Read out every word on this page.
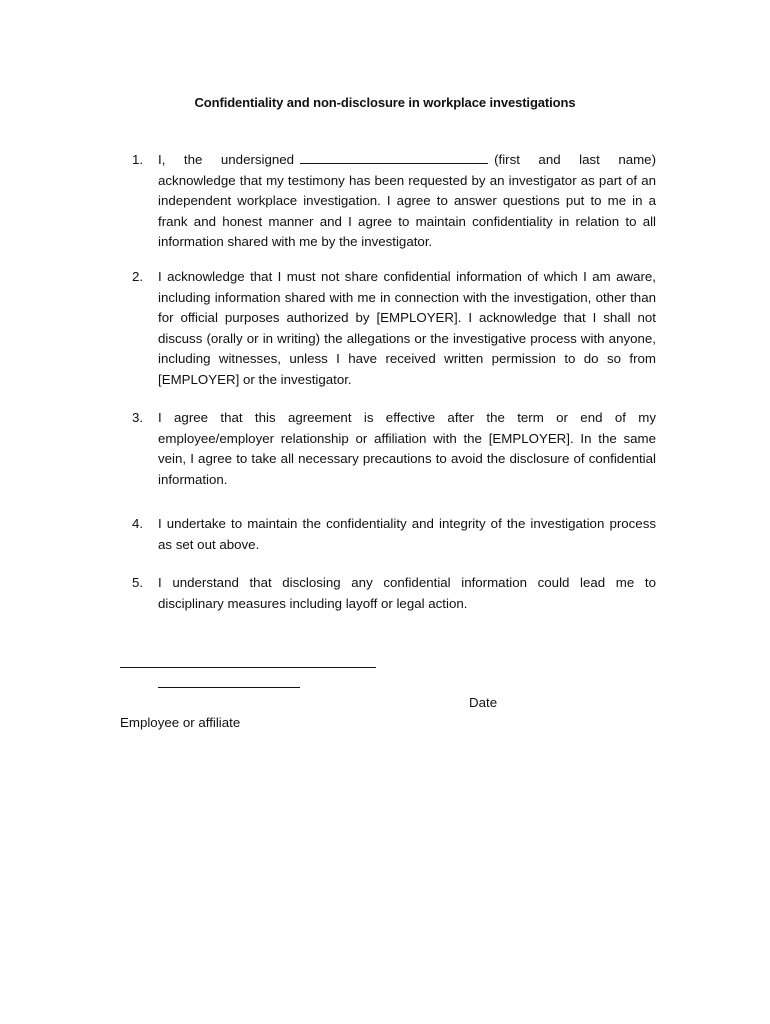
Confidentiality and non-disclosure in workplace investigations
1. I, the undersigned	(first and last name) acknowledge that my testimony has been requested by an investigator as part of an independent workplace investigation. I agree to answer questions put to me in a frank and honest manner and I agree to maintain confidentiality in relation to all information shared with me by the investigator.
2. I acknowledge that I must not share confidential information of which I am aware, including information shared with me in connection with the investigation, other than for official purposes authorized by [EMPLOYER]. I acknowledge that I shall not discuss (orally or in writing) the allegations or the investigative process with anyone, including witnesses, unless I have received written permission to do so from [EMPLOYER] or the investigator.
3. I agree that this agreement is effective after the term or end of my employee/employer relationship or affiliation with the [EMPLOYER]. In the same vein, I agree to take all necessary precautions to avoid the disclosure of confidential information.
4. I undertake to maintain the confidentiality and integrity of the investigation process as set out above.
5. I understand that disclosing any confidential information could lead me to disciplinary measures including layoff or legal action.
Date
Employee or affiliate
